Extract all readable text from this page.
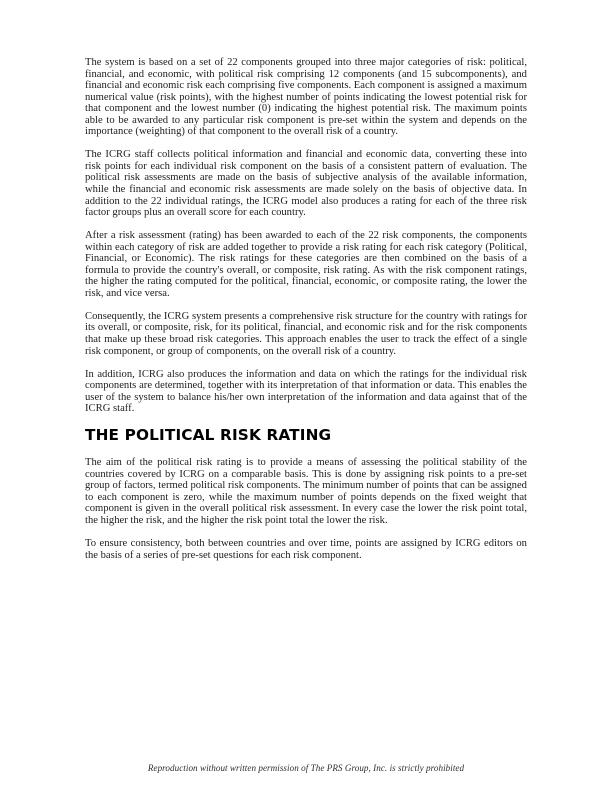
The system is based on a set of 22 components grouped into three major categories of risk: political, financial, and economic, with political risk comprising 12 components (and 15 subcomponents), and financial and economic risk each comprising five components. Each component is assigned a maximum numerical value (risk points), with the highest number of points indicating the lowest potential risk for that component and the lowest number (0) indicating the highest potential risk. The maximum points able to be awarded to any particular risk component is pre-set within the system and depends on the importance (weighting) of that component to the overall risk of a country.

The ICRG staff collects political information and financial and economic data, converting these into risk points for each individual risk component on the basis of a consistent pattern of evaluation. The political risk assessments are made on the basis of subjective analysis of the available information, while the financial and economic risk assessments are made solely on the basis of objective data. In addition to the 22 individual ratings, the ICRG model also produces a rating for each of the three risk factor groups plus an overall score for each country.

After a risk assessment (rating) has been awarded to each of the 22 risk components, the components within each category of risk are added together to provide a risk rating for each risk category (Political, Financial, or Economic). The risk ratings for these categories are then combined on the basis of a formula to provide the country's overall, or composite, risk rating. As with the risk component ratings, the higher the rating computed for the political, financial, economic, or composite rating, the lower the risk, and vice versa.

Consequently, the ICRG system presents a comprehensive risk structure for the country with ratings for its overall, or composite, risk, for its political, financial, and economic risk and for the risk components that make up these broad risk categories. This approach enables the user to track the effect of a single risk component, or group of components, on the overall risk of a country.

In addition, ICRG also produces the information and data on which the ratings for the individual risk components are determined, together with its interpretation of that information or data. This enables the user of the system to balance his/her own interpretation of the information and data against that of the ICRG staff.

THE POLITICAL RISK RATING

The aim of the political risk rating is to provide a means of assessing the political stability of the countries covered by ICRG on a comparable basis. This is done by assigning risk points to a pre-set group of factors, termed political risk components. The minimum number of points that can be assigned to each component is zero, while the maximum number of points depends on the fixed weight that component is given in the overall political risk assessment. In every case the lower the risk point total, the higher the risk, and the higher the risk point total the lower the risk.

To ensure consistency, both between countries and over time, points are assigned by ICRG editors on the basis of a series of pre-set questions for each risk component.

Reproduction without written permission of The PRS Group, Inc. is strictly prohibited
